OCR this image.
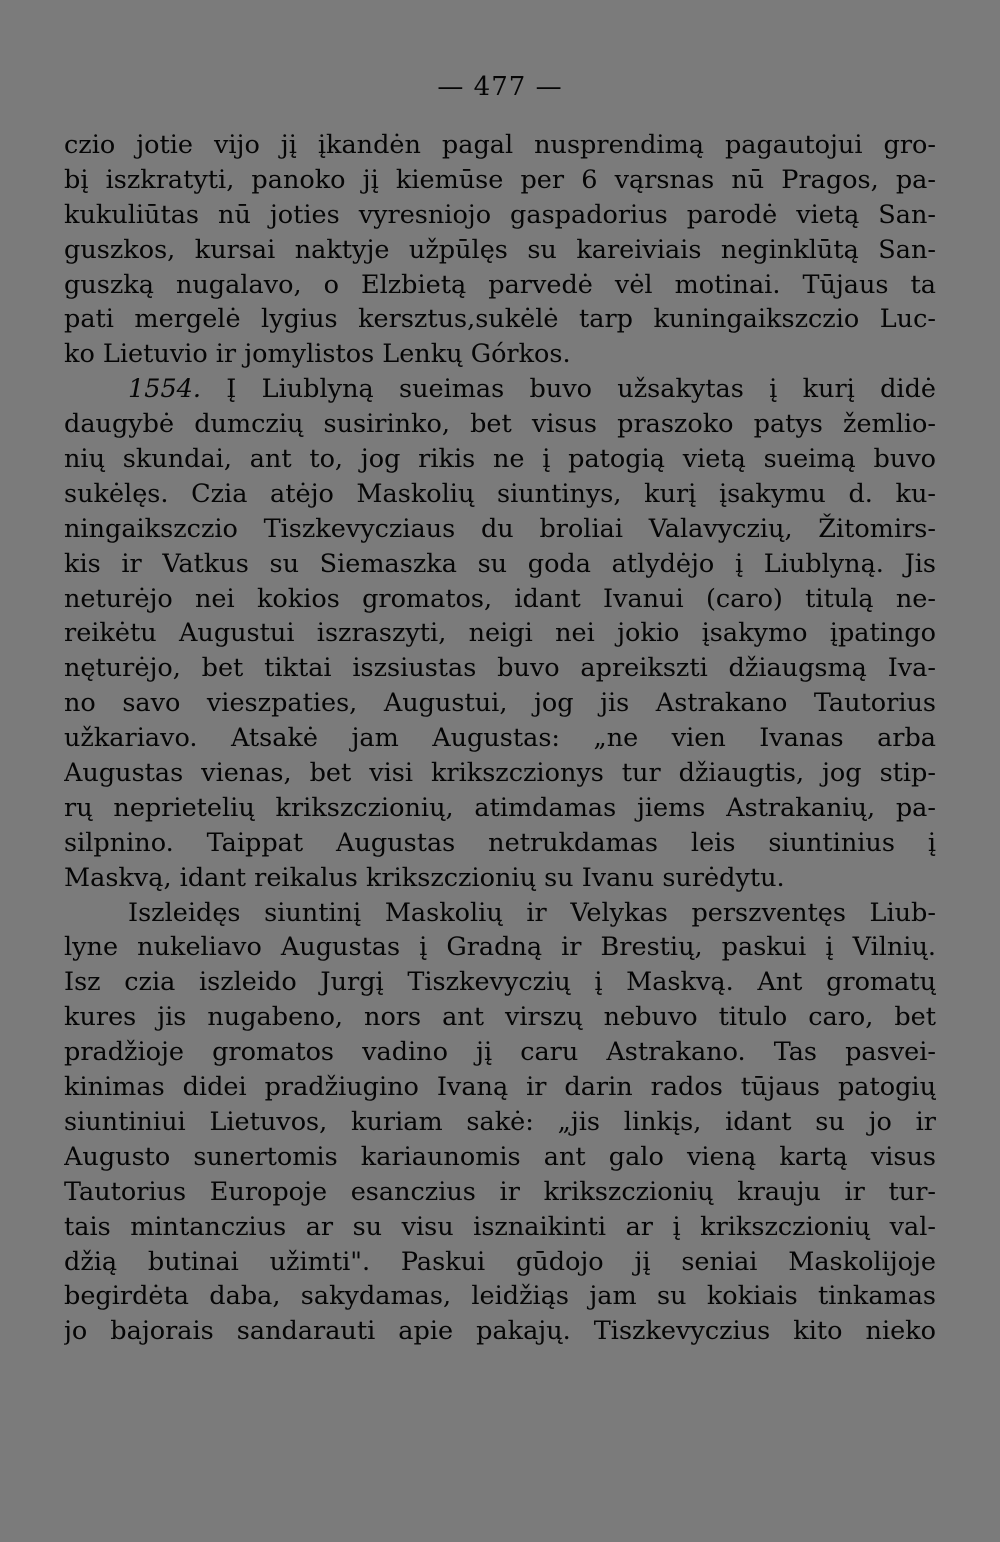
— 477 —
czio jotie vijo jį įkandėn pagal nusprendimą pagautojui gro-
bį iszkratyti, panoko jį kiemūse per 6 vąrsnas nū Pragos, pa-
kukuliūtas nū joties vyresniojo gaspadorius parodė vietą San-
guszkos, kursai naktyje užpūlęs su kareiviais neginklūtą San-
guszką nugalavo, o Elzbietą parvedė vėl motinai. Tūjaus ta
pati mergelė lygius kersztus,sukėlė tarp kuningaikszczio Luc-
ko Lietuvio ir jomylistos Lenkų Górkos.
1554. Į Liublyną sueimas buvo užsakytas į kurį didė
daugybė dumczių susirinko, bet visus praszoko patys žemlio-
nių skundai, ant to, jog rikis ne į patogią vietą sueimą buvo
sukėlęs. Czia atėjo Maskolių siuntinys, kurį įsakymu d. ku-
ningaikszczio Tiszkevycziaus du broliai Valavyczių, Žitomirs-
kis ir Vatkus su Siemaszka su goda atlydėjo į Liublyną. Jis
neturėjo nei kokios gromatos, idant Ivanui (caro) titulą ne-
reikėtu Augustui iszraszyti, neigi nei jokio įsakymo įpatingo
nęturėjo, bet tiktai iszsiustas buvo apreikszti džiaugsmą Iva-
no savo vieszpaties, Augustui, jog jis Astrakano Tautorius
užkariavo. Atsakė jam Augustas: „ne vien Ivanas arba
Augustas vienas, bet visi krikszczionys tur džiaugtis, jog stip-
rų neprietelių krikszczionių, atimdamas jiems Astrakanių, pa-
silpnino. Taippat Augustas netrukdamas leis siuntinius į
Maskvą, idant reikalus krikszczionių su Ivanu surėdytu.
Iszleidęs siuntinį Maskolių ir Velykas perszventęs Liub-
lyne nukeliavo Augustas į Gradną ir Brestių, paskui į Vilnių.
Isz czia iszleido Jurgį Tiszkevyczių į Maskvą. Ant gromatų
kures jis nugabeno, nors ant virszų nebuvo titulo caro, bet
pradžioje gromatos vadino jį caru Astrakano. Tas pasvei-
kinimas didei pradžiugino Ivaną ir darin rados tūjaus patogių
siuntiniui Lietuvos, kuriam sakė: „jis linkįs, idant su jo ir
Augusto sunertomis kariaunomis ant galo vieną kartą visus
Tautorius Europoje esanczius ir krikszczionių krauju ir tur-
tais mintanczius ar su visu isznaikinti ar į krikszczionių val-
džią butinai užimti". Paskui gūdojo jį seniai Maskolijoje
begirdėta daba, sakydamas, leidžiąs jam su kokiais tinkamas
jo bajorais sandarauti apie pakajų. Tiszkevyczius kito nieko
